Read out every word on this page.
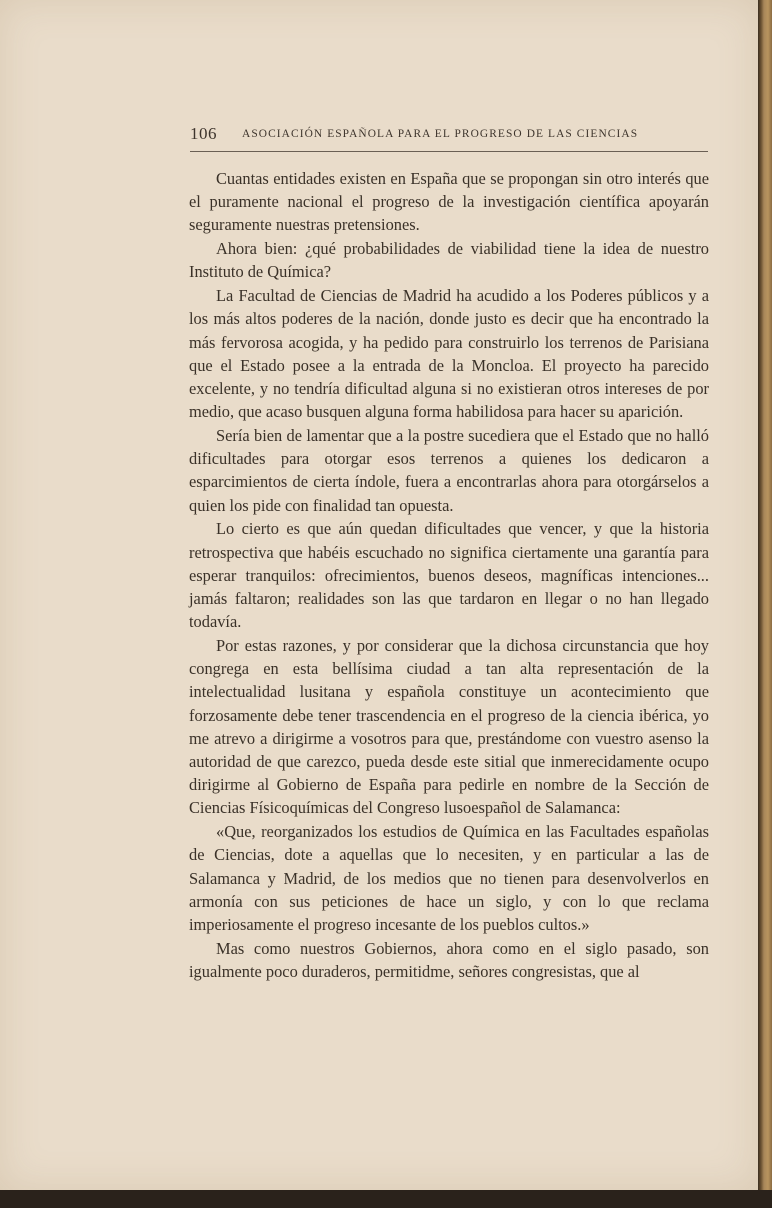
106 ASOCIACIÓN ESPAÑOLA PARA EL PROGRESO DE LAS CIENCIAS

Cuantas entidades existen en España que se propongan sin otro interés que el puramente nacional el progreso de la investigación científica apoyarán seguramente nuestras pretensiones.

Ahora bien: ¿qué probabilidades de viabilidad tiene la idea de nuestro Instituto de Química?

La Facultad de Ciencias de Madrid ha acudido a los Poderes públicos y a los más altos poderes de la nación, donde justo es decir que ha encontrado la más fervorosa acogida, y ha pedido para construirlo los terrenos de Parisiana que el Estado posee a la entrada de la Moncloa. El proyecto ha parecido excelente, y no tendría dificultad alguna si no existieran otros intereses de por medio, que acaso busquen alguna forma habilidosa para hacer su aparición.

Sería bien de lamentar que a la postre sucediera que el Estado que no halló dificultades para otorgar esos terrenos a quienes los dedicaron a esparcimientos de cierta índole, fuera a encontrarlas ahora para otorgárselos a quien los pide con finalidad tan opuesta.

Lo cierto es que aún quedan dificultades que vencer, y que la historia retrospectiva que habéis escuchado no significa ciertamente una garantía para esperar tranquilos: ofrecimientos, buenos deseos, magníficas intenciones... jamás faltaron; realidades son las que tardaron en llegar o no han llegado todavía.

Por estas razones, y por considerar que la dichosa circunstancia que hoy congrega en esta bellísima ciudad a tan alta representación de la intelectualidad lusitana y española constituye un acontecimiento que forzosamente debe tener trascendencia en el progreso de la ciencia ibérica, yo me atrevo a dirigirme a vosotros para que, prestándome con vuestro asenso la autoridad de que carezco, pueda desde este sitial que inmerecidamente ocupo dirigirme al Gobierno de España para pedirle en nombre de la Sección de Ciencias Físicoquímicas del Congreso lusoespañol de Salamanca:

«Que, reorganizados los estudios de Química en las Facultades españolas de Ciencias, dote a aquellas que lo necesiten, y en particular a las de Salamanca y Madrid, de los medios que no tienen para desenvolverlos en armonía con sus peticiones de hace un siglo, y con lo que reclama imperiosamente el progreso incesante de los pueblos cultos.»

Mas como nuestros Gobiernos, ahora como en el siglo pasado, son igualmente poco duraderos, permitidme, señores congresistas, que al
